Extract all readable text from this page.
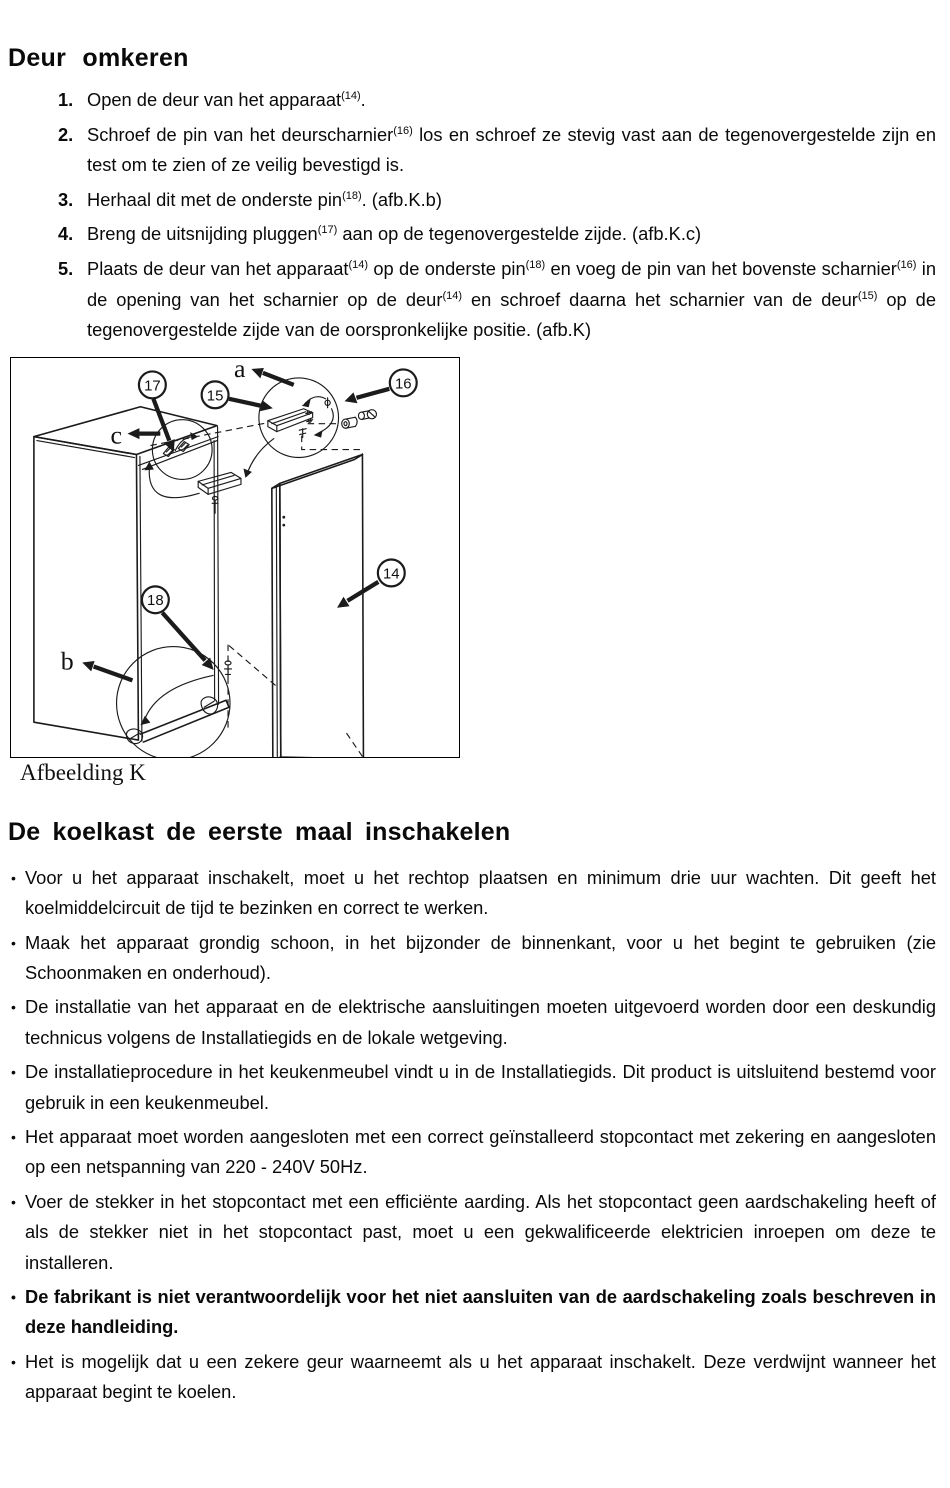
Deur omkeren
1. Open de deur van het apparaat$^{(14)}$.
2. Schroef de pin van het deurscharnier$^{(16)}$ los en schroef ze stevig vast aan de tegenovergestelde zijn en test om te zien of ze veilig bevestigd is.
3. Herhaal dit met de onderste pin$^{(18)}$. (afb.K.b)
4. Breng de uitsnijding pluggen$^{(17)}$ aan op de tegenovergestelde zijde. (afb.K.c)
5. Plaats de deur van het apparaat$^{(14)}$ op de onderste pin$^{(18)}$ en voeg de pin van het bovenste scharnier$^{(16)}$ in de opening van het scharnier op de deur$^{(14)}$ en schroef daarna het scharnier van de deur$^{(15)}$ op de tegenovergestelde zijde van de oorspronkelijke positie. (afb.K)
17
15
16
14
18
a
c
b
Afbeelding K
De koelkast de eerste maal inschakelen
• Voor u het apparaat inschakelt, moet u het rechtop plaatsen en minimum drie uur wachten. Dit geeft het koelmiddelcircuit de tijd te bezinken en correct te werken.
• Maak het apparaat grondig schoon, in het bijzonder de binnenkant, voor u het begint te gebruiken (zie Schoonmaken en onderhoud).
• De installatie van het apparaat en de elektrische aansluitingen moeten uitgevoerd worden door een deskundig technicus volgens de Installatiegids en de lokale wetgeving.
• De installatieprocedure in het keukenmeubel vindt u in de Installatiegids. Dit product is uitsluitend bestemd voor gebruik in een keukenmeubel.
• Het apparaat moet worden aangesloten met een correct geïnstalleerd stopcontact met zekering en aangesloten op een netspanning van 220 - 240V 50Hz.
• Voer de stekker in het stopcontact met een efficiënte aarding. Als het stopcontact geen aardschakeling heeft of als de stekker niet in het stopcontact past, moet u een gekwalificeerde elektricien inroepen om deze te installeren.
• De fabrikant is niet verantwoordelijk voor het niet aansluiten van de aardschakeling zoals beschreven in deze handleiding.
• Het is mogelijk dat u een zekere geur waarneemt als u het apparaat inschakelt. Deze verdwijnt wanneer het apparaat begint te koelen.
